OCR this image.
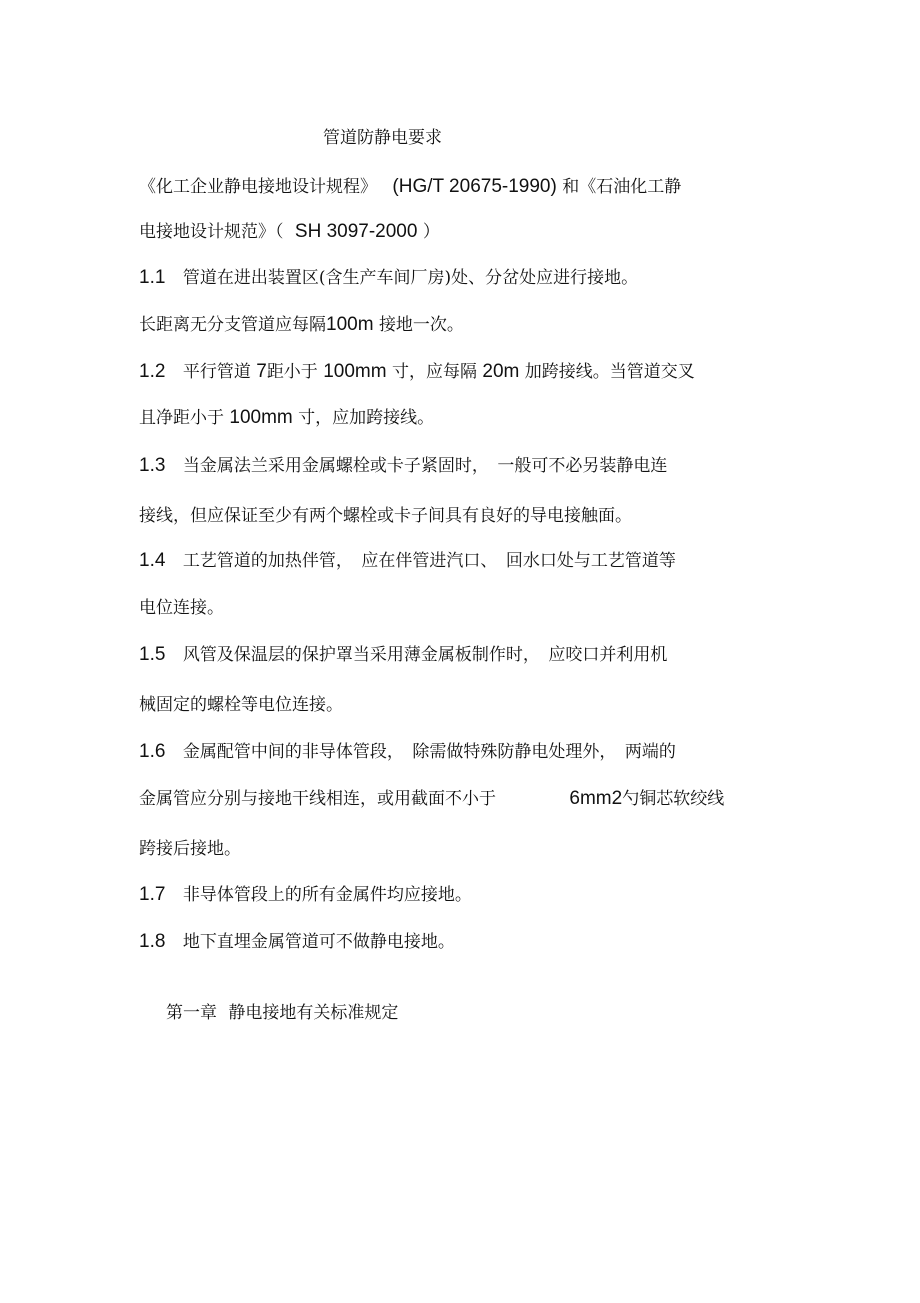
管道防静电要求
《化工企业静电接地设计规程》 (HG/T 20675-1990) 和《石油化工静
电接地设计规范》（ SH 3097-2000 ）
1.1 管道在进出装置区(含生产车间厂房)处、分岔处应进行接地。
长距离无分支管道应每隔100m 接地一次。
1.2 平行管道 7距小于 100mm 寸，应每隔 20m 加跨接线。当管道交叉
且净距小于 100mm 寸，应加跨接线。
1.3 当金属法兰采用金属螺栓或卡子紧固时，　一般可不必另装静电连
接线，但应保证至少有两个螺栓或卡子间具有良好的导电接触面。
1.4 工艺管道的加热伴管，　应在伴管进汽口、　回水口处与工艺管道等
电位连接。
1.5 风管及保温层的保护罩当采用薄金属板制作时，　应咬口并利用机
械固定的螺栓等电位连接。
1.6 金属配管中间的非导体管段，　除需做特殊防静电处理外，　两端的
金属管应分别与接地干线相连，或用截面不小于	6mm2勺铜芯软绞线
跨接后接地。
1.7 非导体管段上的所有金属件均应接地。
1.8 地下直埋金属管道可不做静电接地。
第一章 静电接地有关标准规定
